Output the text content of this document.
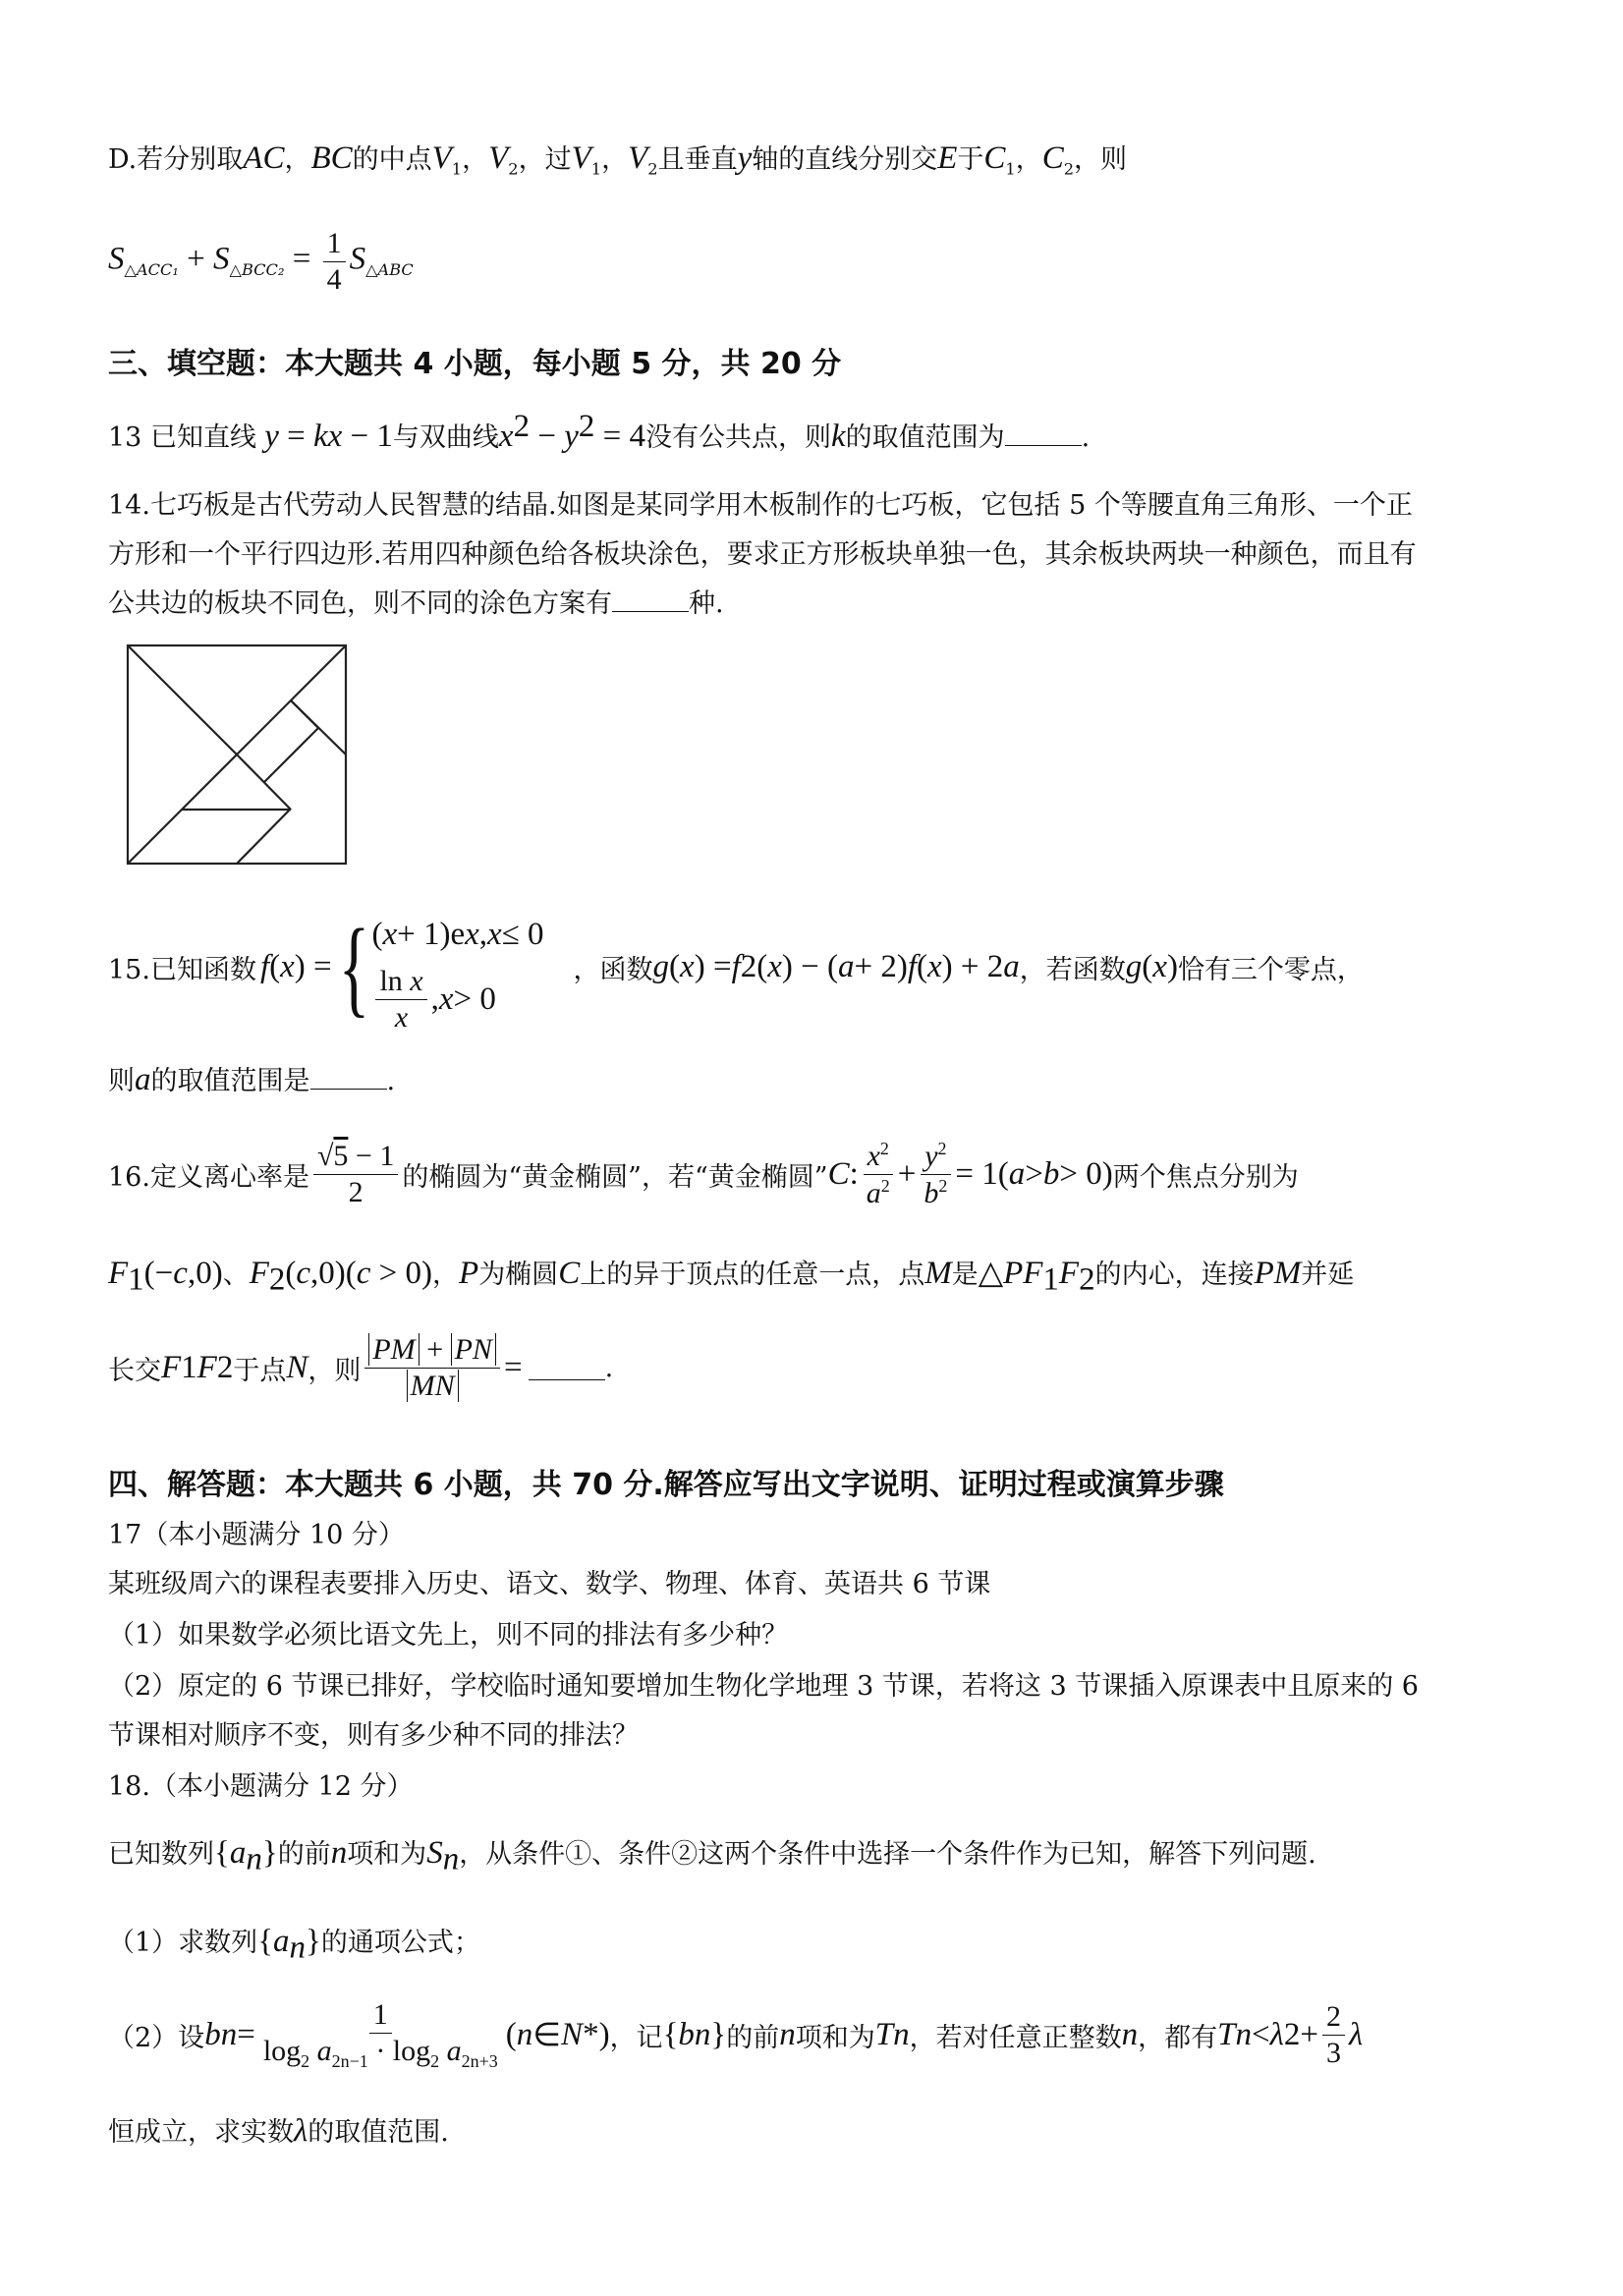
D.若分别取AC，BC的中点$V_1$，$V_2$，过$V_1$，$V_2$且垂直y轴的直线分别交E于$C_1$，$C_2$，则
$S_{\triangle ACC_1} + S_{\triangle BCC_2} = \frac{1}{4} S_{\triangle ABC}$
三、填空题：本大题共 4 小题，每小题 5 分，共 20 分
13 已知直线 y = kx − 1与双曲线$x^2 - y^2 = 4$没有公共点，则k的取值范围为	.
14.七巧板是古代劳动人民智慧的结晶.如图是某同学用木板制作的七巧板，它包括 5 个等腰直角三角形、一个正
方形和一个平行四边形.若用四种颜色给各板块涂色，要求正方形板块单独一色，其余板块两块一种颜色，而且有
公共边的板块不同色，则不同的涂色方案有	种.
15.已知函数 f ( x ) = { ( x + 1)e x , x ≤ 0
$\frac{\text{ln x}}{x}$ , x > 0
，函数 g ( x ) = f 2 ( x ) − ( a + 2) f ( x ) + 2 a ，若函数 g ( x ) 恰有三个零点，
则a的取值范围是	.
16.定义离心率是 $\frac{√5 - 1}{2}$ 的椭圆为“黄金椭圆”，若“黄金椭圆” C : $\frac{x^2}{a^2} + \frac{y^2}{b^2} = 1$( a > b > 0) 两个焦点分别为
$F_1(-c,0)$、$F_2(c,0)(c > 0)$，P为椭圆C上的异于顶点的任意一点，点M是$\triangle PF_1F_2$的内心，连接PM并延
长交 F 1 F 2 于点 N ，则 $\frac{PM + PN}{MN}$ =	.
四、解答题：本大题共 6 小题，共 70 分.解答应写出文字说明、证明过程或演算步骤
17（本小题满分 10 分）
某班级周六的课程表要排入历史、语文、数学、物理、体育、英语共 6 节课
（1）如果数学必须比语文先上，则不同的排法有多少种？
（2）原定的 6 节课已排好，学校临时通知要增加生物化学地理 3 节课，若将这 3 节课插入原课表中且原来的 6
节课相对顺序不变，则有多少种不同的排法？
18.（本小题满分 12 分）
已知数列$\{a_n\}$的前n项和为$S_n$，从条件①、条件②这两个条件中选择一个条件作为已知，解答下列问题.
（1）求数列$\{a_n\}$的通项公式；
（2）设 b $n = \frac{1}{\log_2 a_{2n-1} \cdot \log_2 a_{2n+3}}$ ( n ∈ N *) ，记 { b n } 的前 n 项和为 T n ，若对任意正整数 n ，都有 T n < λ $2 + \frac{2}{3}$ λ
恒成立，求实数λ的取值范围.
